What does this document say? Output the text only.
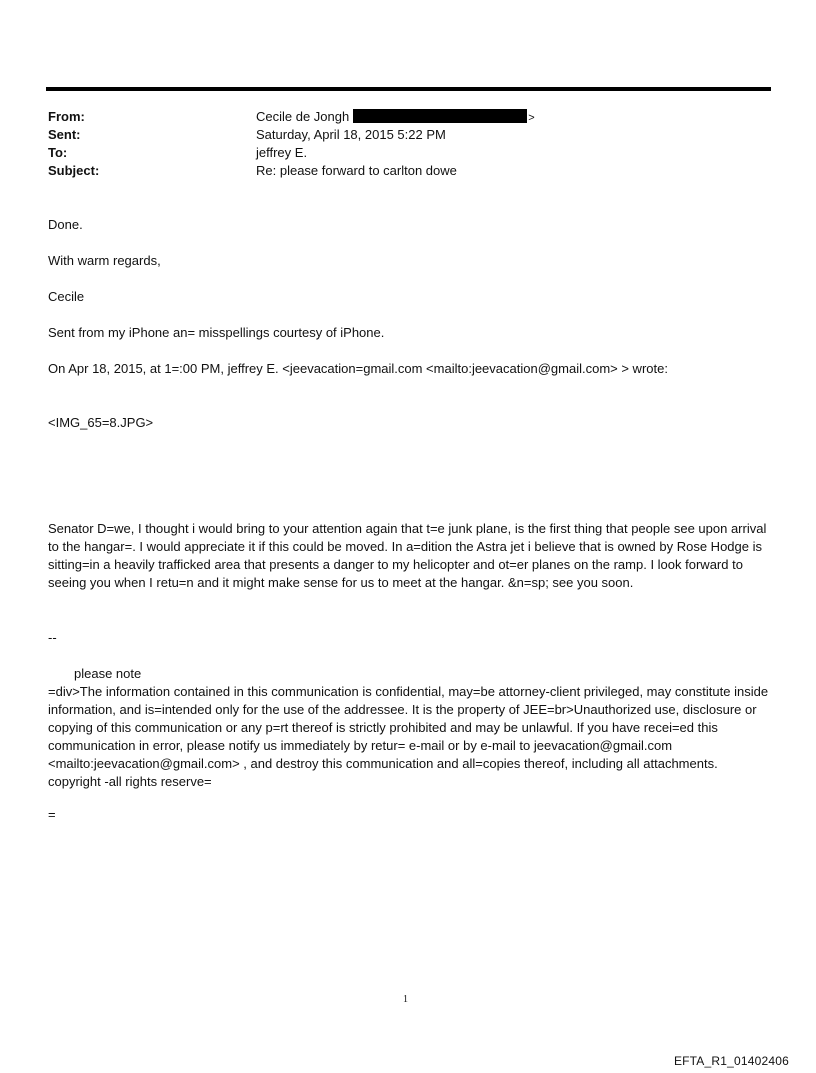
From:	Cecile de Jongh	>
Sent:	Saturday, April 18, 2015 5:22 PM
To:	jeffrey E.
Subject:	Re: please forward to carlton dowe

Done.

With warm regards,

Cecile

Sent from my iPhone an= misspellings courtesy of iPhone.

On Apr 18, 2015, at 1=:00 PM, jeffrey E. <jeevacation=gmail.com <mailto:jeevacation@gmail.com> > wrote:

<IMG_65=8.JPG>

Senator D=we, I thought i would bring to your attention again that t=e junk plane, is the first thing that people see upon arrival to the hangar=. I would appreciate it if this could be moved. In a=dition the Astra jet i believe that is owned by Rose Hodge is sitting=in a heavily trafficked area that presents a danger to my helicopter and ot=er planes on the ramp. I look forward to seeing you when I retu=n and it might make sense for us to meet at the hangar. &n=sp; see you soon.

--

please note

=div>The information contained in this communication is confidential, may=be attorney-client privileged, may constitute inside information, and is=intended only for the use of the addressee. It is the property of JEE=br>Unauthorized use, disclosure or copying of this communication or any p=rt thereof is strictly prohibited and may be unlawful. If you have recei=ed this communication in error, please notify us immediately by retur= e-mail or by e-mail to jeevacation@gmail.com <mailto:jeevacation@gmail.com> , and destroy this communication and all=copies thereof, including all attachments. copyright -all rights reserve=

=

1
EFTA_R1_01402406
